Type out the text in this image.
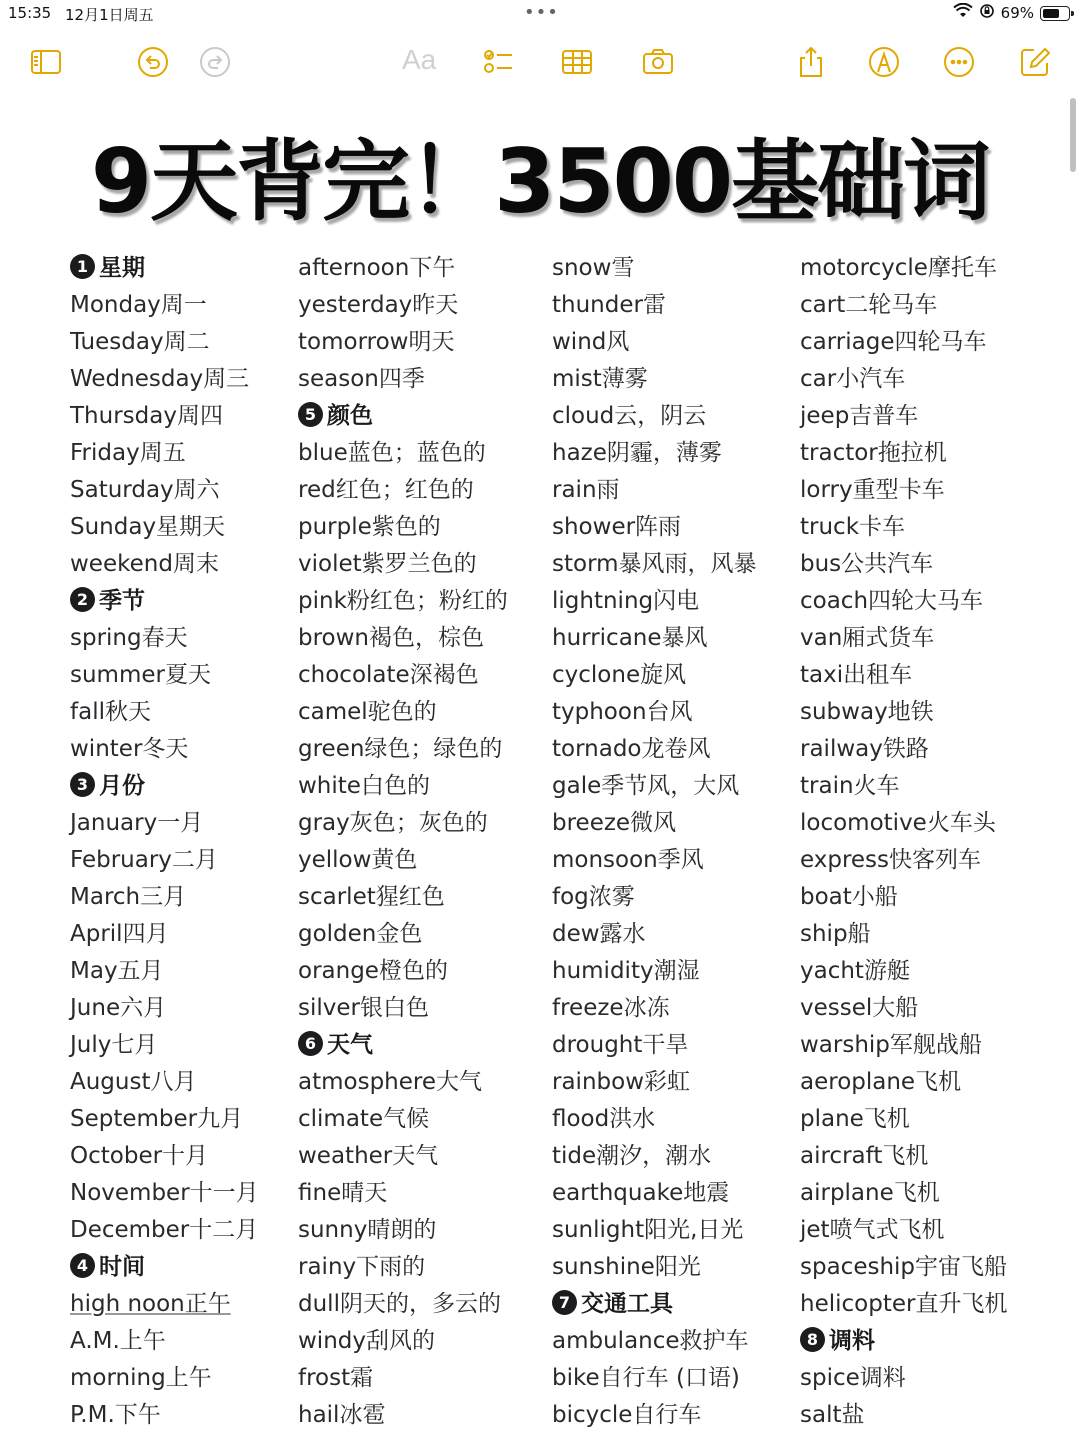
15:35 12月1日周五	•••	69%
Aa
9天背完！3500基础词
1 星期
Monday周一
Tuesday周二
Wednesday周三
Thursday周四
Friday周五
Saturday周六
Sunday星期天
weekend周末
2 季节
spring春天
summer夏天
fall秋天
winter冬天
3 月份
January一月
February二月
March三月
April四月
May五月
June六月
July七月
August八月
September九月
October十月
November十一月
December十二月
4 时间
high noon正午
A.M.上午
morning上午
P.M.下午
afternoon下午
yesterday昨天
tomorrow明天
season四季
5 颜色
blue蓝色；蓝色的
red红色；红色的
purple紫色的
violet紫罗兰色的
pink粉红色；粉红的
brown褐色，棕色
chocolate深褐色
camel驼色的
green绿色；绿色的
white白色的
gray灰色；灰色的
yellow黄色
scarlet猩红色
golden金色
orange橙色的
silver银白色
6 天气
atmosphere大气
climate气候
weather天气
fine晴天
sunny晴朗的
rainy下雨的
dull阴天的，多云的
windy刮风的
frost霜
hail冰雹
snow雪
thunder雷
wind风
mist薄雾
cloud云，阴云
haze阴霾，薄雾
rain雨
shower阵雨
storm暴风雨，风暴
lightning闪电
hurricane暴风
cyclone旋风
typhoon台风
tornado龙卷风
gale季节风，大风
breeze微风
monsoon季风
fog浓雾
dew露水
humidity潮湿
freeze冰冻
drought干旱
rainbow彩虹
flood洪水
tide潮汐，潮水
earthquake地震
sunlight阳光,日光
sunshine阳光
7 交通工具
ambulance救护车
bike自行车 (口语)
bicycle自行车
motorcycle摩托车
cart二轮马车
carriage四轮马车
car小汽车
jeep吉普车
tractor拖拉机
lorry重型卡车
truck卡车
bus公共汽车
coach四轮大马车
van厢式货车
taxi出租车
subway地铁
railway铁路
train火车
locomotive火车头
express快客列车
boat小船
ship船
yacht游艇
vessel大船
warship军舰战船
aeroplane飞机
plane飞机
aircraft飞机
airplane飞机
jet喷气式飞机
spaceship宇宙飞船
helicopter直升飞机
8 调料
spice调料
salt盐
